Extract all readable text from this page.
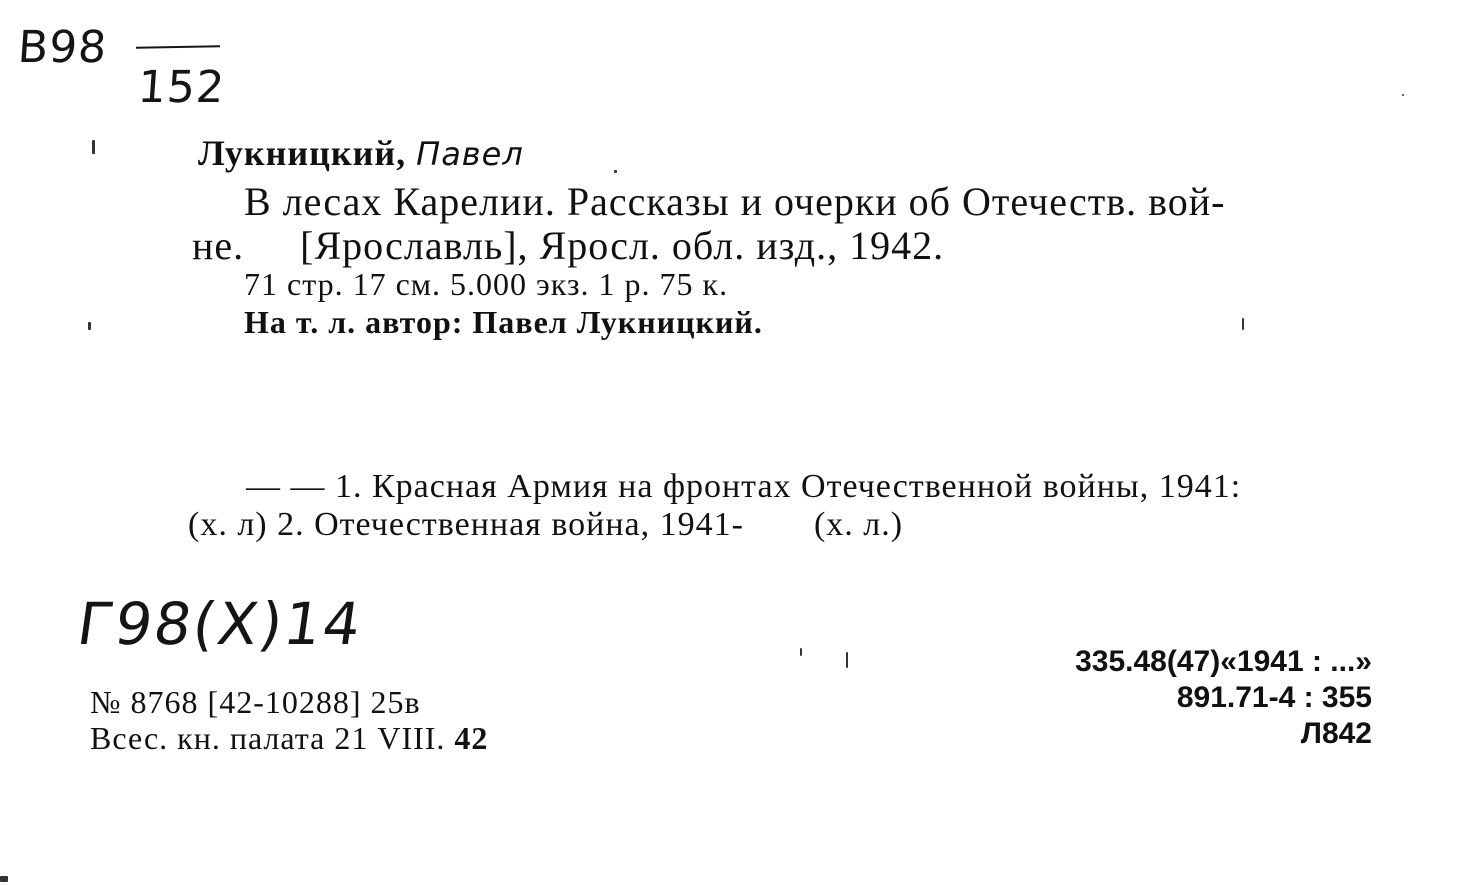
В98
152
Лукницкий, Павел
В лесах Карелии. Рассказы и очерки об Отечеств. вой-
не. [Ярославль], Яросл. обл. изд., 1942.
71 стр. 17 см. 5.000 экз. 1 р. 75 к.
На т. л. автор: Павел Лукницкий.
— — 1. Красная Армия на фронтах Отечественной войны, 1941:
(х. л) 2. Отечественная война, 1941- (х. л.)
Г98(Х)14
335.48(47)«1941 : ...»
891.71-4 : 355
Л842
№ 8768 [42-10288] 25в
Всес. кн. палата 21 VIII. 42
